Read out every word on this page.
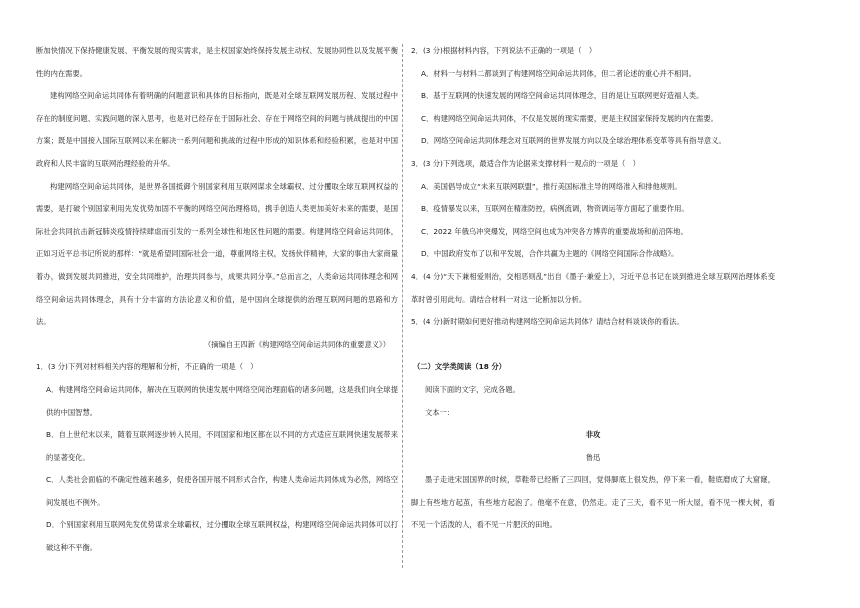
断加快情况下保持健康发展、平衡发展的现实需求，是主权国家始终保持发展主动权、发展协同性以及发展平衡性的内在需要。

建构网络空间命运共同体有着明确的问题意识和具体的目标指向，既是对全球互联网发展历程、发展过程中存在的制度问题、实践问题的深入思考，也是对已经存在于国际社会、存在于网络空间的问题与挑战提出的中国方案；既是中国接入国际互联网以来在解决一系列问题和挑战的过程中形成的知识体系和经验积累，也是对中国政府和人民丰富的互联网治理经验的升华。

构建网络空间命运共同体，是世界各国抵御个别国家利用互联网谋求全球霸权、过分攫取全球互联网权益的需要，是打破个别国家利用先发优势加固不平衡的网络空间治理格局，携手创造人类更加美好未来的需要，是国际社会共同抗击新冠肺炎疫情持续肆虐而引发的一系列全球性和地区性问题的需要。构建网络空间命运共同体，正如习近平总书记所说的那样：“就是希望同国际社会一道，尊重网络主权，发扬伙伴精神，大家的事由大家商量着办，做到发展共同推进，安全共同维护，治理共同参与，成果共同分享。”总而言之，人类命运共同体理念和网络空间命运共同体理念，具有十分丰富的方法论意义和价值，是中国向全球提供的治理互联网问题的思路和方法。

（摘编自王四新《构建网络空间命运共同体的重要意义》）

1．(3 分)下列对材料相关内容的理解和分析，不正确的一项是（　）

A．构建网络空间命运共同体，解决在互联网的快速发展中网络空间治理面临的诸多问题，这是我们向全球提供的中国智慧。

B．自上世纪末以来，随着互联网逐步转入民用，不同国家和地区都在以不同的方式适应互联网快速发展带来的显著变化。

C．人类社会面临的不确定性越来越多，促使各国开展不同形式合作，构建人类命运共同体成为必然，网络空间发展也不例外。

D．个别国家利用互联网先发优势谋求全球霸权，过分攫取全球互联网权益，构建网络空间命运共同体可以打破这种不平衡。

2．(3 分)根据材料内容，下列说法不正确的一项是（　）

A．材料一与材料二都谈到了构建网络空间命运共同体，但二者论述的重心并不相同。

B．基于互联网的快速发展的网络空间命运共同体理念，目的是让互联网更好造福人类。

C．构建网络空间命运共同体，不仅是发展的现实需要，更是主权国家保持发展的内在需要。

D．网络空间命运共同体理念对互联网的世界发展方向以及全球治理体系变革等具有指导意义。

3．(3 分)下列选项，最适合作为论据来支撑材料一观点的一项是（　）

A．美国倡导成立“未来互联网联盟”，推行美国标准主导的网络准入和排他规则。

B．疫情暴发以来，互联网在精准防控，病例流调，物资调运等方面起了重要作用。

C．2022 年俄乌冲突爆发，网络空间也成为冲突各方博弈的重要战场和前沿阵地。

D．中国政府发布了以和平发展，合作共赢为主题的《网络空间国际合作战略》。

4．(4 分)“天下兼相爱则治，交相恶则乱”出自《墨子·兼爱上》，习近平总书记在谈到推进全球互联网治理体系变革时曾引用此句。请结合材料一对这一论断加以分析。

5．(4 分)新时期如何更好推动构建网络空间命运共同体？请结合材料谈谈你的看法。

（二）文学类阅读（18 分）

阅读下面的文字，完成各题。

文本一：

非攻

鲁迅

墨子走进宋国国界的时候，草鞋带已经断了三四回，觉得脚底上很发热，停下来一看，鞋底磨成了大窟窿，脚上有些地方起茧，有些地方起泡了。他毫不在意，仍然走。走了三天，看不见一所大屋，看不见一棵大树，看不见一个活泼的人，看不见一片肥沃的田地。
